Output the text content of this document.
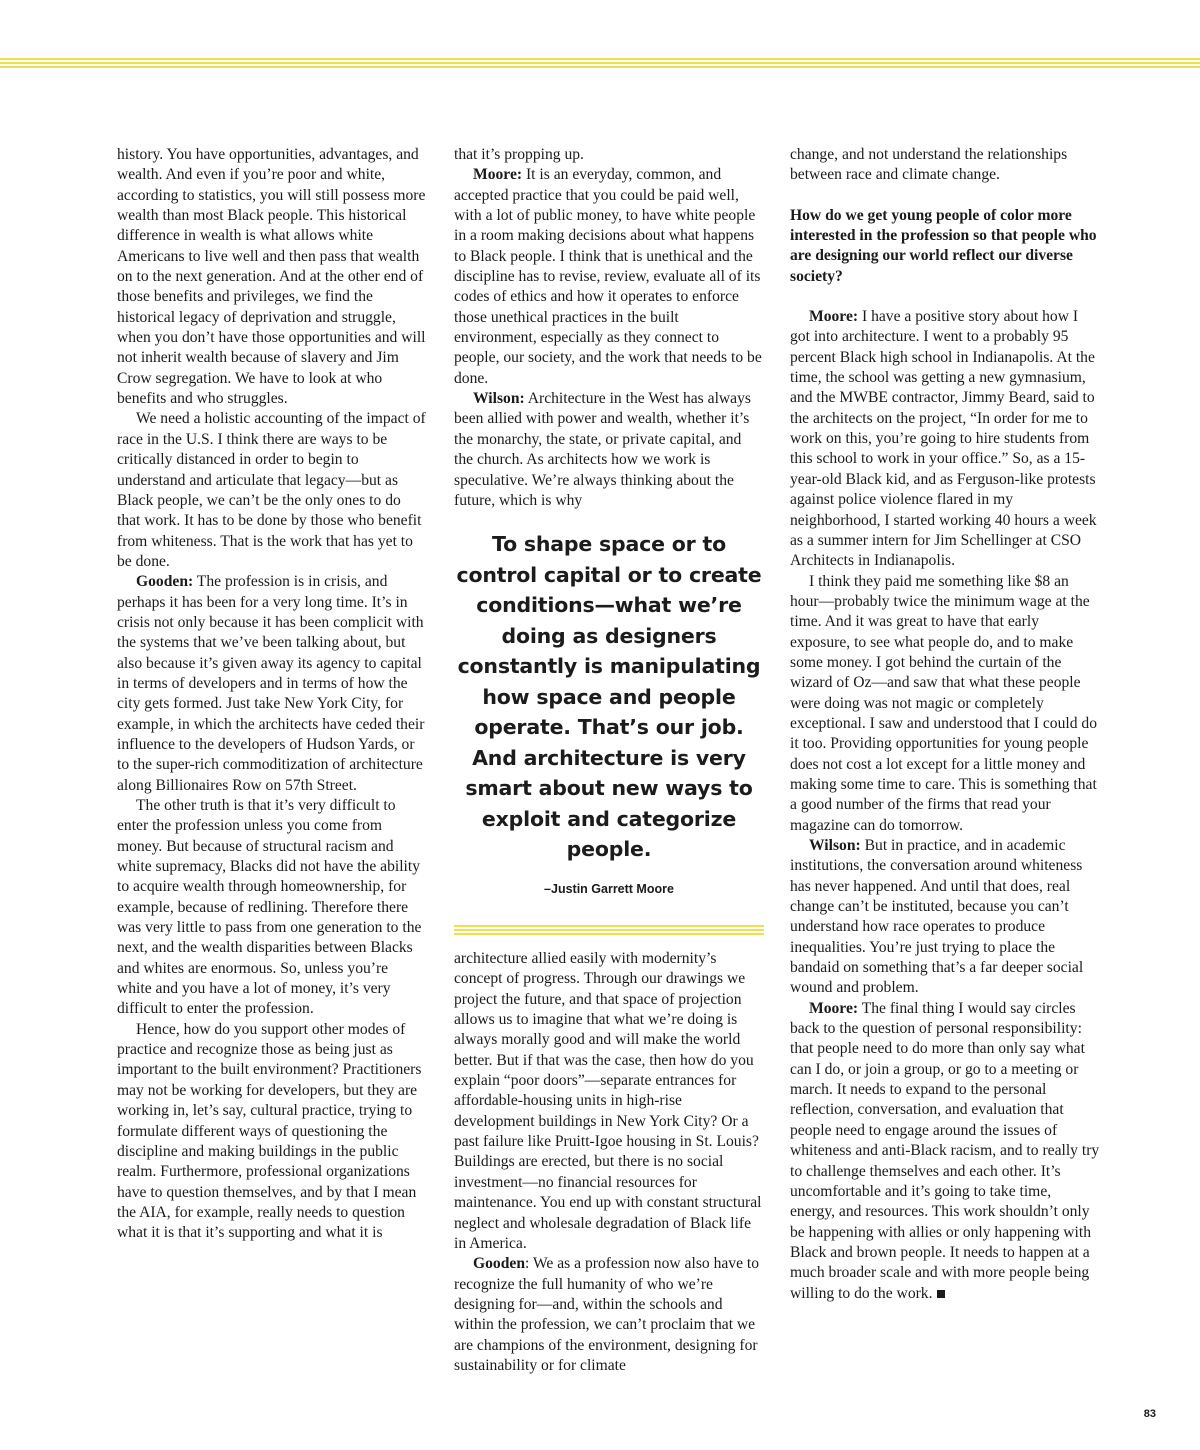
history. You have opportunities, advantages, and wealth. And even if you’re poor and white, according to statistics, you will still possess more wealth than most Black people. This historical difference in wealth is what allows white Americans to live well and then pass that wealth on to the next generation. And at the other end of those benefits and privileges, we find the historical legacy of deprivation and struggle, when you don’t have those opportunities and will not inherit wealth because of slavery and Jim Crow segregation. We have to look at who benefits and who struggles.

We need a holistic accounting of the impact of race in the U.S. I think there are ways to be critically distanced in order to begin to understand and articulate that legacy—but as Black people, we can’t be the only ones to do that work. It has to be done by those who benefit from whiteness. That is the work that has yet to be done.

Gooden: The profession is in crisis, and perhaps it has been for a very long time. It’s in crisis not only because it has been complicit with the systems that we’ve been talking about, but also because it’s given away its agency to capital in terms of developers and in terms of how the city gets formed. Just take New York City, for example, in which the architects have ceded their influence to the developers of Hudson Yards, or to the super-rich commoditization of architecture along Billionaires Row on 57th Street.

The other truth is that it’s very difficult to enter the profession unless you come from money. But because of structural racism and white supremacy, Blacks did not have the ability to acquire wealth through homeownership, for example, because of redlining. Therefore there was very little to pass from one generation to the next, and the wealth disparities between Blacks and whites are enormous. So, unless you’re white and you have a lot of money, it’s very difficult to enter the profession.

Hence, how do you support other modes of practice and recognize those as being just as important to the built environment? Practitioners may not be working for developers, but they are working in, let’s say, cultural practice, trying to formulate different ways of questioning the discipline and making buildings in the public realm. Furthermore, professional organizations have to question themselves, and by that I mean the AIA, for example, really needs to question what it is that it’s supporting and what it is

that it’s propping up.

Moore: It is an everyday, common, and accepted practice that you could be paid well, with a lot of public money, to have white people in a room making decisions about what happens to Black people. I think that is unethical and the discipline has to revise, review, evaluate all of its codes of ethics and how it operates to enforce those unethical practices in the built environment, especially as they connect to people, our society, and the work that needs to be done.

Wilson: Architecture in the West has always been allied with power and wealth, whether it’s the monarchy, the state, or private capital, and the church. As architects how we work is speculative. We’re always thinking about the future, which is why

To shape space or to control capital or to create conditions—what we’re doing as designers constantly is manipulating how space and people operate. That’s our job. And architecture is very smart about new ways to exploit and categorize people.
–Justin Garrett Moore

architecture allied easily with modernity’s concept of progress. Through our drawings we project the future, and that space of projection allows us to imagine that what we’re doing is always morally good and will make the world better. But if that was the case, then how do you explain “poor doors”—separate entrances for affordable-housing units in high-rise development buildings in New York City? Or a past failure like Pruitt-Igoe housing in St. Louis? Buildings are erected, but there is no social investment—no financial resources for maintenance. You end up with constant structural neglect and wholesale degradation of Black life in America.

Gooden: We as a profession now also have to recognize the full humanity of who we’re designing for—and, within the schools and within the profession, we can’t proclaim that we are champions of the environment, designing for sustainability or for climate

change, and not understand the relationships between race and climate change.

How do we get young people of color more interested in the profession so that people who are designing our world reflect our diverse society?

Moore: I have a positive story about how I got into architecture. I went to a probably 95 percent Black high school in Indianapolis. At the time, the school was getting a new gymnasium, and the MWBE contractor, Jimmy Beard, said to the architects on the project, “In order for me to work on this, you’re going to hire students from this school to work in your office.” So, as a 15-year-old Black kid, and as Ferguson-like protests against police violence flared in my neighborhood, I started working 40 hours a week as a summer intern for Jim Schellinger at CSO Architects in Indianapolis.

I think they paid me something like $8 an hour—probably twice the minimum wage at the time. And it was great to have that early exposure, to see what people do, and to make some money. I got behind the curtain of the wizard of Oz—and saw that what these people were doing was not magic or completely exceptional. I saw and understood that I could do it too. Providing opportunities for young people does not cost a lot except for a little money and making some time to care. This is something that a good number of the firms that read your magazine can do tomorrow.

Wilson: But in practice, and in academic institutions, the conversation around whiteness has never happened. And until that does, real change can’t be instituted, because you can’t understand how race operates to produce inequalities. You’re just trying to place the bandaid on something that’s a far deeper social wound and problem.

Moore: The final thing I would say circles back to the question of personal responsibility: that people need to do more than only say what can I do, or join a group, or go to a meeting or march. It needs to expand to the personal reflection, conversation, and evaluation that people need to engage around the issues of whiteness and anti-Black racism, and to really try to challenge themselves and each other. It’s uncomfortable and it’s going to take time, energy, and resources. This work shouldn’t only be happening with allies or only happening with Black and brown people. It needs to happen at a much broader scale and with more people being willing to do the work.

83
